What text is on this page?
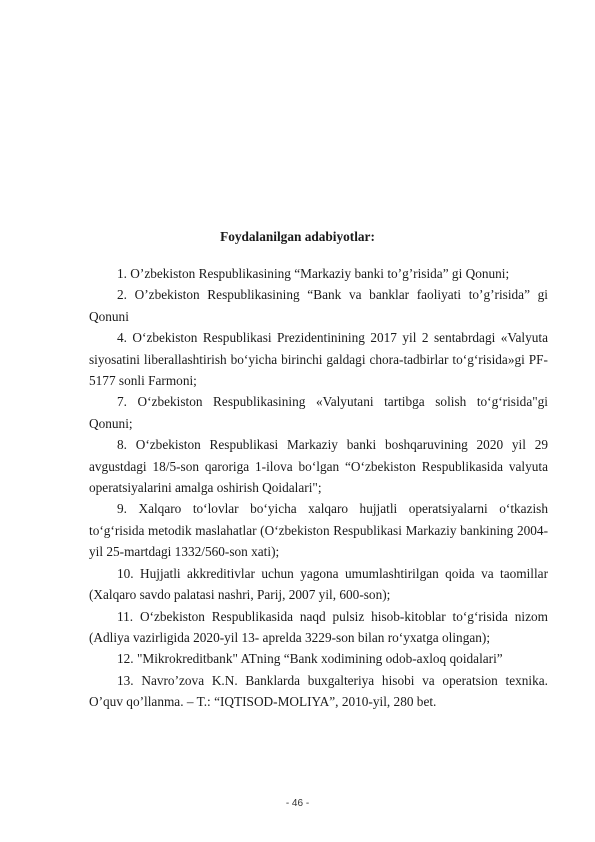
Foydalanilgan adabiyotlar:

1. O’zbekiston Respublikasining “Markaziy banki to’g’risida” gi Qonuni;

2. O’zbekiston Respublikasining “Bank va banklar faoliyati to’g’risida” gi Qonuni

4. O‘zbekiston Respublikasi Prezidentinining 2017 yil 2 sentabrdagi «Valyuta siyosatini liberallashtirish bo‘yicha birinchi galdagi chora-tadbirlar to‘g‘risida»gi PF-5177 sonli Farmoni;

7. O‘zbekiston Respublikasining «Valyutani tartibga solish to‘g‘risida"gi Qonuni;

8. O‘zbekiston Respublikasi Markaziy banki boshqaruvining 2020 yil 29 avgustdagi 18/5-son qaroriga 1-ilova bo‘lgan “O‘zbekiston Respublikasida valyuta operatsiyalarini amalga oshirish Qoidalari";

9. Xalqaro to‘lovlar bo‘yicha xalqaro hujjatli operatsiyalarni o‘tkazish to‘g‘risida metodik maslahatlar (O‘zbekiston Respublikasi Markaziy bankining 2004-yil 25-martdagi 1332/560-son xati);

10. Hujjatli akkreditivlar uchun yagona umumlashtirilgan qoida va taomillar (Xalqaro savdo palatasi nashri, Parij, 2007 yil, 600-son);

11. O‘zbekiston Respublikasida naqd pulsiz hisob-kitoblar to‘g‘risida nizom (Adliya vazirligida 2020-yil 13- aprelda 3229-son bilan ro‘yxatga olingan);

12. "Mikrokreditbank" ATning “Bank xodimining odob-axloq qoidalari”

13. Navro’zova K.N. Banklarda buxgalteriya hisobi va operatsion texnika. O’quv qo’llanma. – T.: “IQTISOD-MOLIYA”, 2010-yil, 280 bet.

- 46 -
